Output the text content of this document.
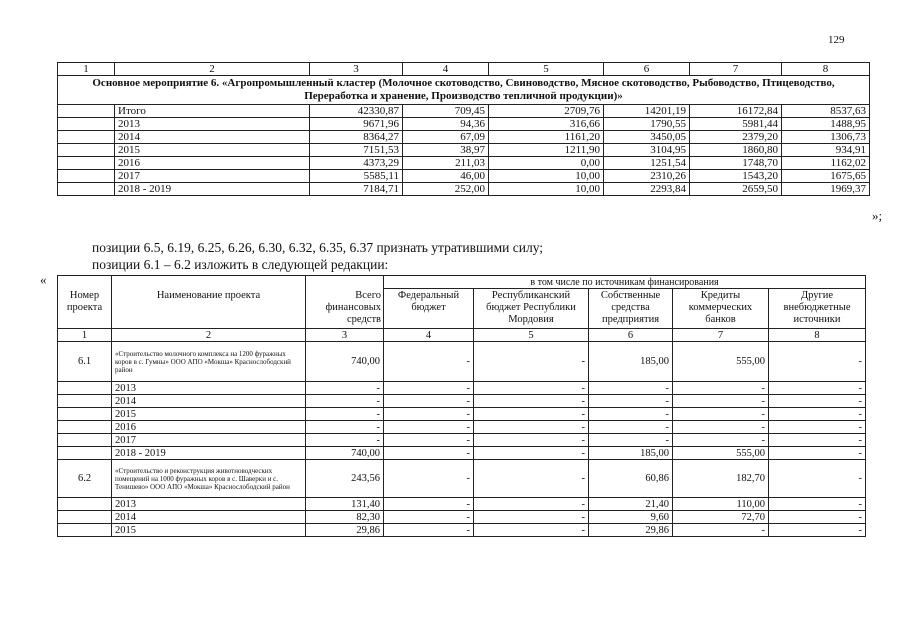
129
1	2	3	4	5	6	7	8
Основное мероприятие 6. «Агропромышленный кластер (Молочное скотоводство, Свиноводство, Мясное скотоводство, Рыбоводство, Птицеводство, Переработка и хранение, Производство тепличной продукции)»							
	Итого	42330,87	709,45	2709,76	14201,19	16172,84	8537,63
	2013	9671,96	94,36	316,66	1790,55	5981,44	1488,95
	2014	8364,27	67,09	1161,20	3450,05	2379,20	1306,73
	2015	7151,53	38,97	1211,90	3104,95	1860,80	934,91
	2016	4373,29	211,03	0,00	1251,54	1748,70	1162,02
	2017	5585,11	46,00	10,00	2310,26	1543,20	1675,65
	2018 - 2019	7184,71	252,00	10,00	2293,84	2659,50	1969,37
»;
позиции 6.5, 6.19, 6.25, 6.26, 6.30, 6.32, 6.35, 6.37 признать утратившими силу;
позиции 6.1 – 6.2 изложить в следующей редакции:
«
				в том числе по источникам финансирования				
Номер проекта	Наименование проекта	Всего финансовых средств	Федеральный бюджет	Республиканский бюджет Республики Мордовия	Собственные средства предприятия	Кредиты коммерческих банков	Другие внебюджетные источники
1	2	3	4	5	6	7	8
6.1	«Строительство молочного комплекса на 1200 фуражных коров в с. Гумны» ООО АПО «Мокша» Краснослободский район	740,00	-	-	185,00	555,00	-
	2013	-	-	-	-	-	-
	2014	-	-	-	-	-	-
	2015	-	-	-	-	-	-
	2016	-	-	-	-	-	-
	2017	-	-	-	-	-	-
	2018 - 2019	740,00	-	-	185,00	555,00	-
6.2	«Строительство и реконструкция животноводческих помещений на 1000 фуражных коров в с. Шаверки и с. Тенишево» ООО АПО «Мокша» Краснослободский район	243,56	-	-	60,86	182,70	-
	2013	131,40	-	-	21,40	110,00	-
	2014	82,30	-	-	9,60	72,70	-
	2015	29,86	-	-	29,86	-	-
